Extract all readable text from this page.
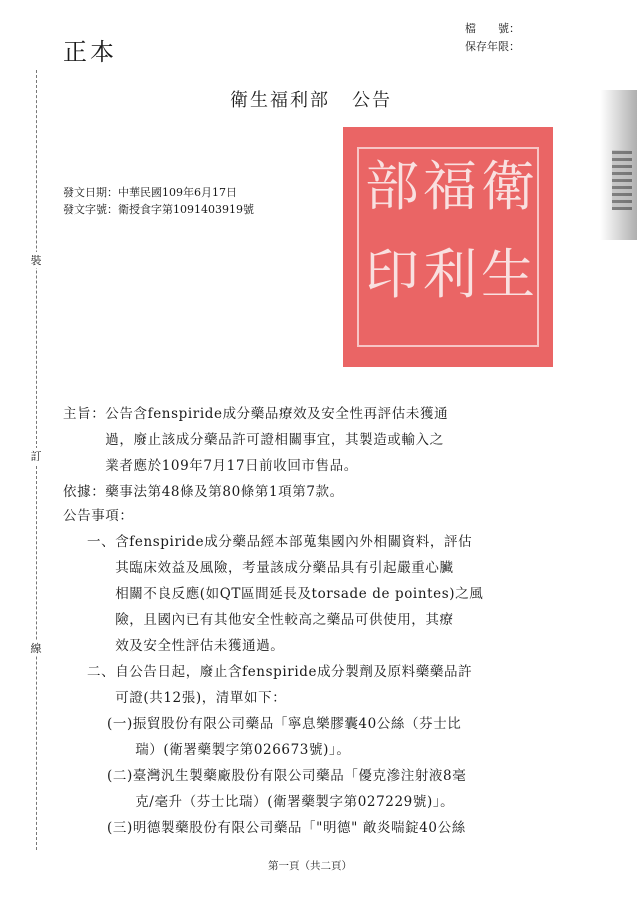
正本
檔　　號：
保存年限：
衛生福利部 公告
衛
生
福
利
部
印
發文日期：中華民國109年6月17日
發文字號：衛授食字第1091403919號
裝
訂
線
主旨：公告含fenspiride成分藥品療效及安全性再評估未獲通
　　　過，廢止該成分藥品許可證相關事宜，其製造或輸入之
　　　業者應於109年7月17日前收回市售品。
依據：藥事法第48條及第80條第1項第7款。
公告事項：
一、含fenspiride成分藥品經本部蒐集國內外相關資料，評估
　　其臨床效益及風險，考量該成分藥品具有引起嚴重心臟
　　相關不良反應(如QT區間延長及torsade de pointes)之風
　　險，且國內已有其他安全性較高之藥品可供使用，其療
　　效及安全性評估未獲通過。
二、自公告日起，廢止含fenspiride成分製劑及原料藥藥品許
　　可證(共12張)，清單如下：
(一)振貿股份有限公司藥品「寧息樂膠囊40公絲（芬士比
　　瑞）(衛署藥製字第026673號)」。
(二)臺灣汎生製藥廠股份有限公司藥品「優克滲注射液8毫
　　克/毫升（芬士比瑞）(衛署藥製字第027229號)」。
(三)明德製藥股份有限公司藥品「"明德" 敵炎喘錠40公絲
第一頁（共二頁）
